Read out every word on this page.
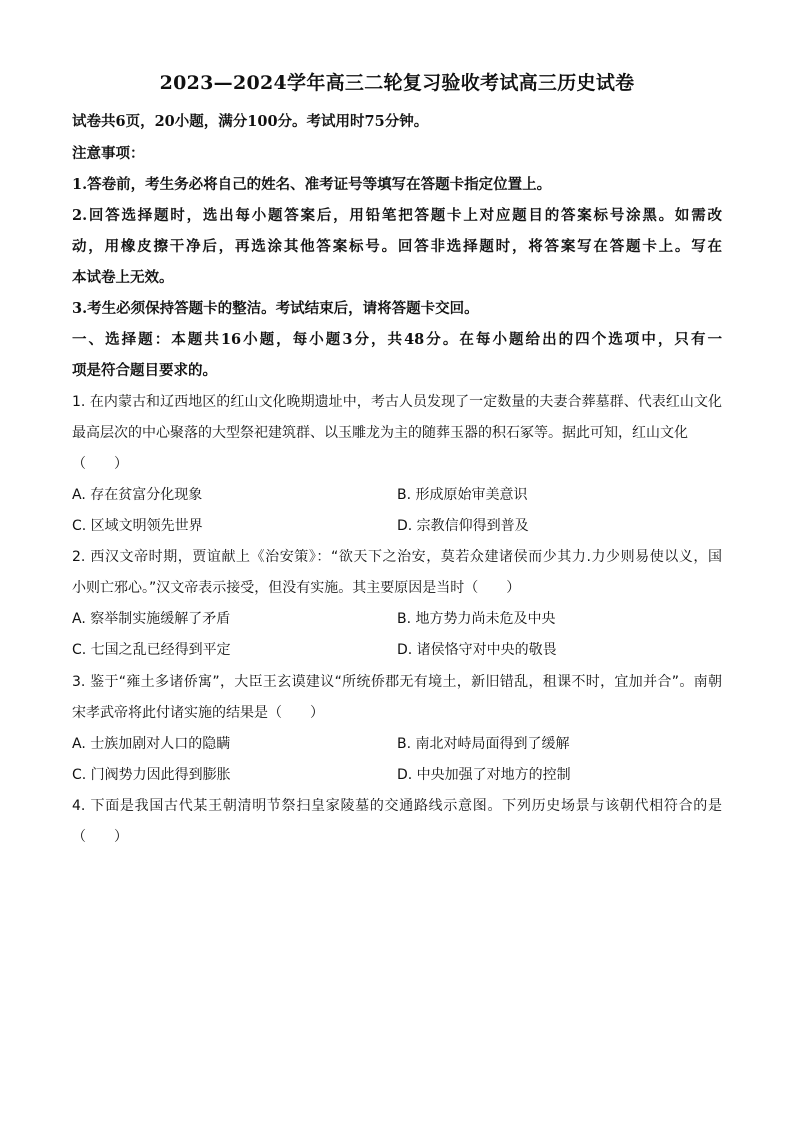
2023—2024学年高三二轮复习验收考试高三历史试卷
试卷共6页，20小题，满分100分。考试用时75分钟。
注意事项：
1.答卷前，考生务必将自己的姓名、准考证号等填写在答题卡指定位置上。
2.回答选择题时，选出每小题答案后，用铅笔把答题卡上对应题目的答案标号涂黑。如需改
动，用橡皮擦干净后，再选涂其他答案标号。回答非选择题时，将答案写在答题卡上。写在
本试卷上无效。
3.考生必须保持答题卡的整洁。考试结束后，请将答题卡交回。
一、选择题：本题共16小题，每小题3分，共48分。在每小题给出的四个选项中，只有一
项是符合题目要求的。
1. 在内蒙古和辽西地区的红山文化晚期遗址中，考古人员发现了一定数量的夫妻合葬墓群、代表红山文化
最高层次的中心聚落的大型祭祀建筑群、以玉雕龙为主的随葬玉器的积石冢等。据此可知，红山文化
（　　）
A. 存在贫富分化现象	B. 形成原始审美意识
C. 区域文明领先世界	D. 宗教信仰得到普及
2. 西汉文帝时期，贾谊献上《治安策》：“欲天下之治安，莫若众建诸侯而少其力.力少则易使以义，国
小则亡邪心。”汉文帝表示接受，但没有实施。其主要原因是当时（　　）
A. 察举制实施缓解了矛盾	B. 地方势力尚未危及中央
C. 七国之乱已经得到平定	D. 诸侯恪守对中央的敬畏
3. 鉴于“雍土多诸侨寓”，大臣王玄谟建议“所统侨郡无有境土，新旧错乱，租课不时，宜加并合”。南朝
宋孝武帝将此付诸实施的结果是（　　）
A. 士族加剧对人口的隐瞒	B. 南北对峙局面得到了缓解
C. 门阀势力因此得到膨胀	D. 中央加强了对地方的控制
4. 下面是我国古代某王朝清明节祭扫皇家陵墓的交通路线示意图。下列历史场景与该朝代相符合的是
（　　）
